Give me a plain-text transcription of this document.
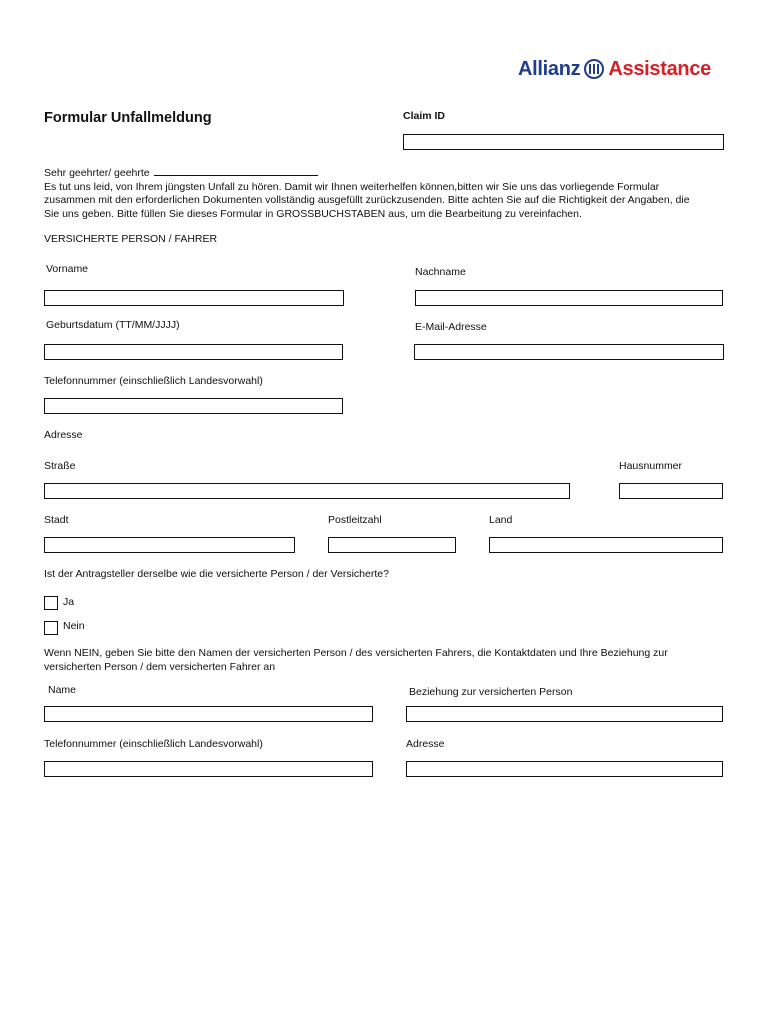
Allianz Assistance
Formular Unfallmeldung	Claim ID
Sehr geehrter/ geehrte
Es tut uns leid, von Ihrem jüngsten Unfall zu hören. Damit wir Ihnen weiterhelfen können,bitten wir Sie uns das vorliegende Formular
zusammen mit den erforderlichen Dokumenten vollständig ausgefüllt zurückzusenden. Bitte achten Sie auf die Richtigkeit der Angaben, die
Sie uns geben. Bitte füllen Sie dieses Formular in GROSSBUCHSTABEN aus, um die Bearbeitung zu vereinfachen.
VERSICHERTE PERSON / FAHRER
Vorname	Nachname
Geburtsdatum (TT/MM/JJJJ)	E-Mail-Adresse
Telefonnummer (einschließlich Landesvorwahl)
Adresse
Straße	Hausnummer
Stadt	Postleitzahl	Land
Ist der Antragsteller derselbe wie die versicherte Person / der Versicherte?
Ja
Nein
Wenn NEIN, geben Sie bitte den Namen der versicherten Person / des versicherten Fahrers, die Kontaktdaten und Ihre Beziehung zur
versicherten Person / dem versicherten Fahrer an
Name	Beziehung zur versicherten Person
Telefonnummer (einschließlich Landesvorwahl)	Adresse
